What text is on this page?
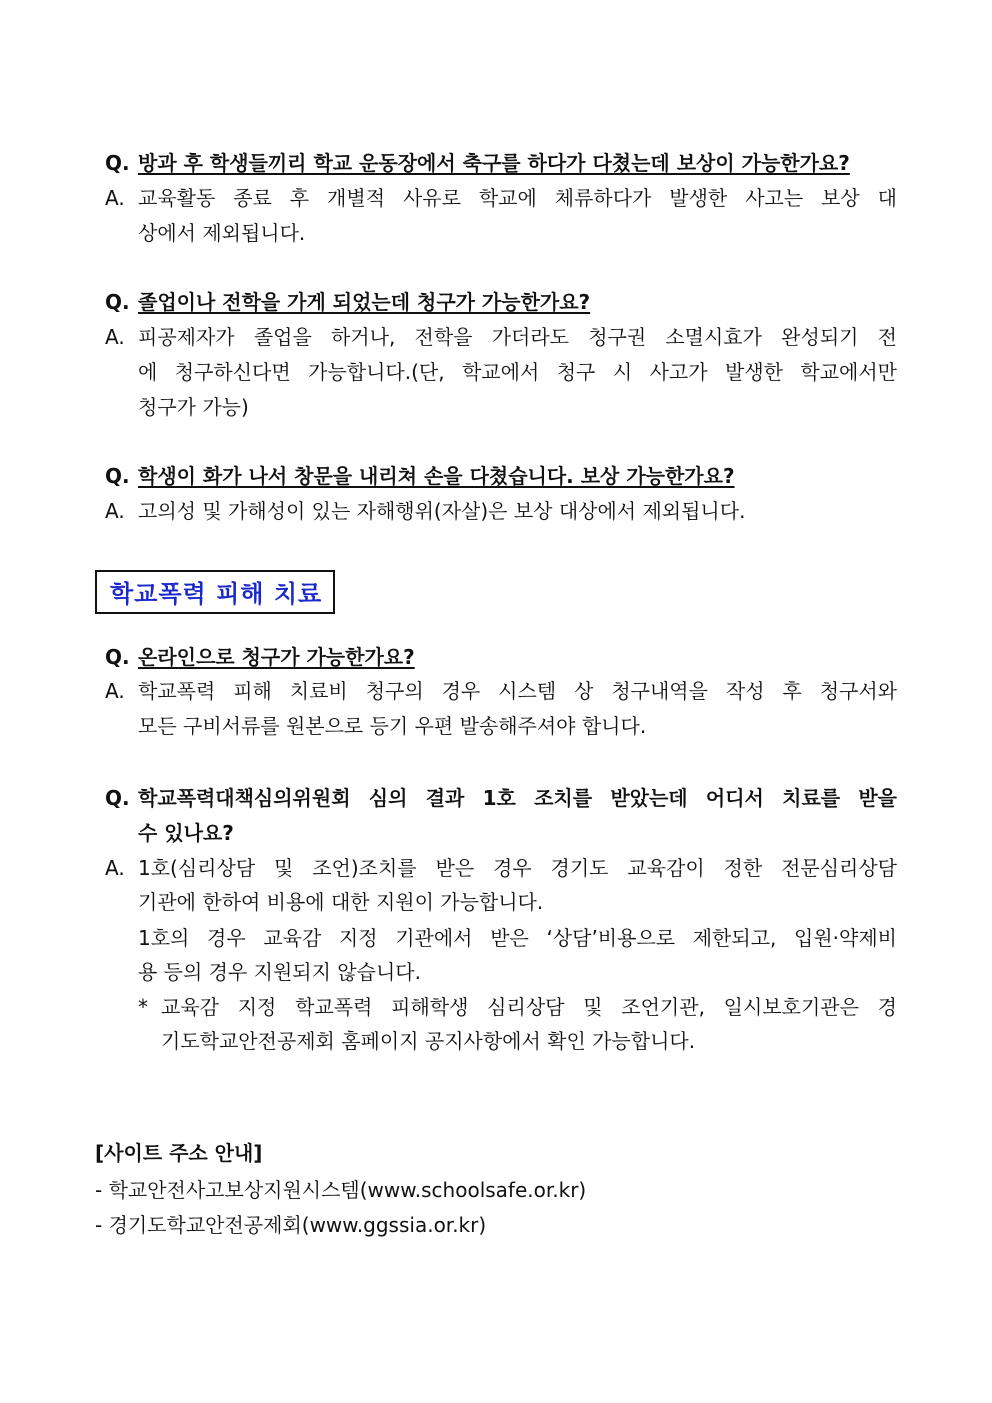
Q. 방과 후 학생들끼리 학교 운동장에서 축구를 하다가 다쳤는데 보상이 가능한가요?
A. 교육활동 종료 후 개별적 사유로 학교에 체류하다가 발생한 사고는 보상 대
상에서 제외됩니다.
Q. 졸업이나 전학을 가게 되었는데 청구가 가능한가요?
A. 피공제자가 졸업을 하거나, 전학을 가더라도 청구권 소멸시효가 완성되기 전
에 청구하신다면 가능합니다.(단, 학교에서 청구 시 사고가 발생한 학교에서만
청구가 가능)
Q. 학생이 화가 나서 창문을 내리쳐 손을 다쳤습니다. 보상 가능한가요?
A. 고의성 및 가해성이 있는 자해행위(자살)은 보상 대상에서 제외됩니다.
학교폭력 피해 치료
Q. 온라인으로 청구가 가능한가요?
A. 학교폭력 피해 치료비 청구의 경우 시스템 상 청구내역을 작성 후 청구서와
모든 구비서류를 원본으로 등기 우편 발송해주셔야 합니다.
Q. 학교폭력대책심의위원회 심의 결과 1호 조치를 받았는데 어디서 치료를 받을
수 있나요?
A. 1호(심리상담 및 조언)조치를 받은 경우 경기도 교육감이 정한 전문심리상담
기관에 한하여 비용에 대한 지원이 가능합니다.
1호의 경우 교육감 지정 기관에서 받은 ‘상담’비용으로 제한되고, 입원·약제비
용 등의 경우 지원되지 않습니다.
* 교육감 지정 학교폭력 피해학생 심리상담 및 조언기관, 일시보호기관은 경
기도학교안전공제회 홈페이지 공지사항에서 확인 가능합니다.
[사이트 주소 안내]
- 학교안전사고보상지원시스템(www.schoolsafe.or.kr)
- 경기도학교안전공제회(www.ggssia.or.kr)
